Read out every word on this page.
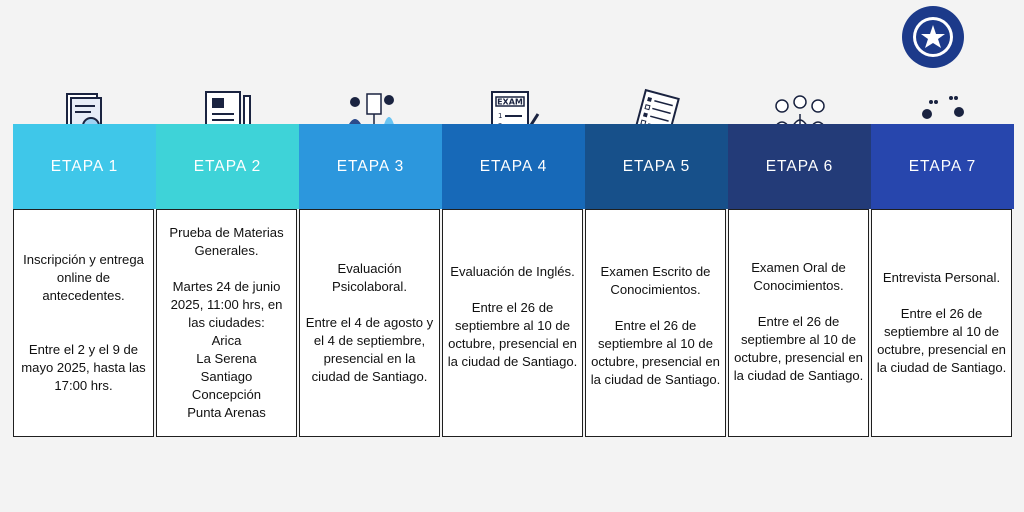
ETAPA 1

Inscripción y entrega

online de

antecedentes.

Entre el 2 y el 9 de

mayo 2025, hasta las

17:00 hrs.

ETAPA 2

Prueba de Materias

Generales.

Martes 24 de junio

2025, 11:00 hrs, en

las ciudades:

Arica

La Serena

Santiago

Concepción

Punta Arenas

ETAPA 3

Evaluación

Psicolaboral.

Entre el 4 de agosto y

el 4 de septiembre,

presencial en la

ciudad de Santiago.

EXAM
1
ETAPA 4

Evaluación de Inglés.

Entre el 26 de

septiembre al 10 de

octubre, presencial en

la ciudad de Santiago.

ETAPA 5

Examen Escrito de

Conocimientos.

Entre el 26 de

septiembre al 10 de

octubre, presencial en

la ciudad de Santiago.

ETAPA 6

Examen Oral de

Conocimientos.

Entre el 26 de

septiembre al 10 de

octubre, presencial en

la ciudad de Santiago.

ETAPA 7

Entrevista Personal.

Entre el 26 de

septiembre al 10 de

octubre, presencial en

la ciudad de Santiago.
